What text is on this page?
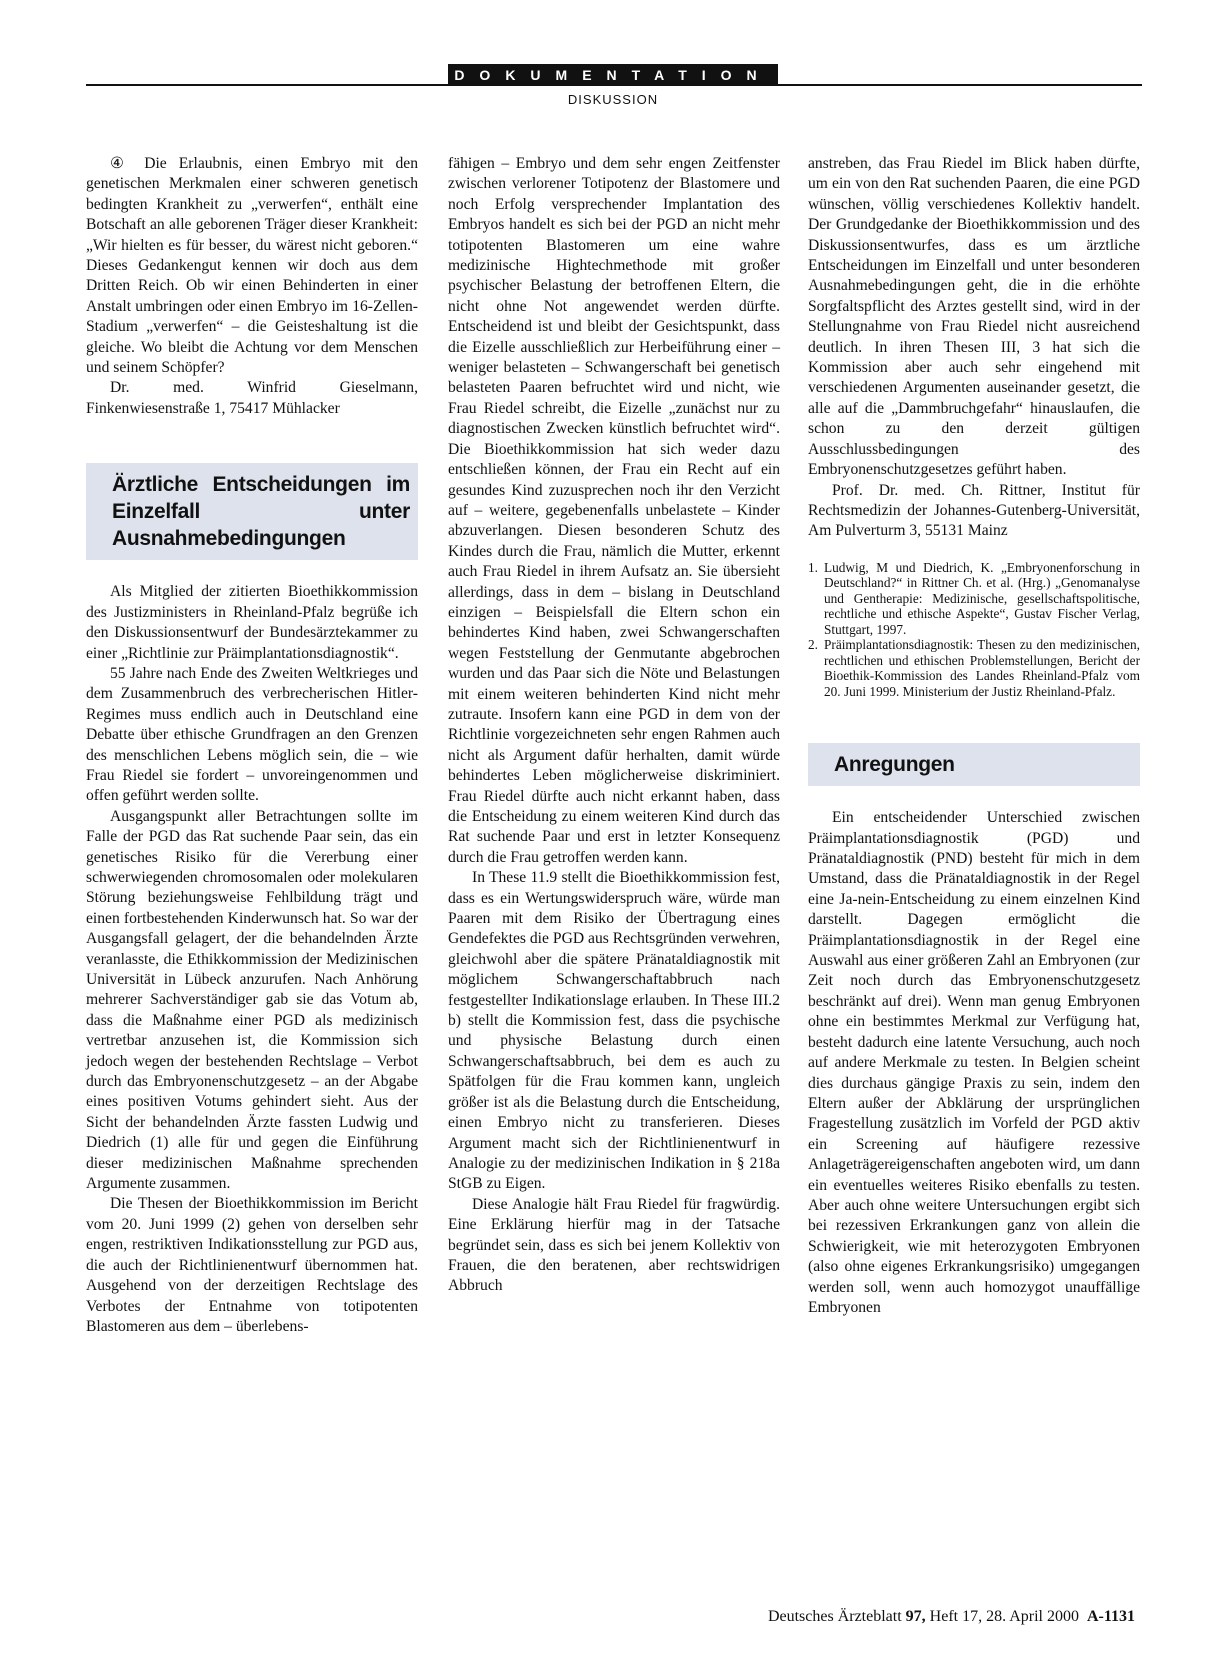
DOKUMENTATION
DISKUSSION

④ Die Erlaubnis, einen Embryo mit den genetischen Merkmalen einer schweren genetisch bedingten Krankheit zu „verwerfen“, enthält eine Botschaft an alle geborenen Träger dieser Krankheit: „Wir hielten es für besser, du wärest nicht geboren.“ Dieses Gedankengut kennen wir doch aus dem Dritten Reich. Ob wir einen Behinderten in einer Anstalt umbringen oder einen Embryo im 16-Zellen-Stadium „verwerfen“ – die Geisteshaltung ist die gleiche. Wo bleibt die Achtung vor dem Menschen und seinem Schöpfer?

Dr. med. Winfrid Gieselmann, Finkenwiesenstraße 1, 75417 Mühlacker

Ärztliche Entscheidungen im Einzelfall unter Ausnahmebedingungen

Als Mitglied der zitierten Bioethikkommission des Justizministers in Rheinland-Pfalz begrüße ich den Diskussionsentwurf der Bundesärztekammer zu einer „Richtlinie zur Präimplantationsdiagnostik“.

55 Jahre nach Ende des Zweiten Weltkrieges und dem Zusammenbruch des verbrecherischen Hitler-Regimes muss endlich auch in Deutschland eine Debatte über ethische Grundfragen an den Grenzen des menschlichen Lebens möglich sein, die – wie Frau Riedel sie fordert – unvoreingenommen und offen geführt werden sollte.

Ausgangspunkt aller Betrachtungen sollte im Falle der PGD das Rat suchende Paar sein, das ein genetisches Risiko für die Vererbung einer schwerwiegenden chromosomalen oder molekularen Störung beziehungsweise Fehlbildung trägt und einen fortbestehenden Kinderwunsch hat. So war der Ausgangsfall gelagert, der die behandelnden Ärzte veranlasste, die Ethikkommission der Medizinischen Universität in Lübeck anzurufen. Nach Anhörung mehrerer Sachverständiger gab sie das Votum ab, dass die Maßnahme einer PGD als medizinisch vertretbar anzusehen ist, die Kommission sich jedoch wegen der bestehenden Rechtslage – Verbot durch das Embryonenschutzgesetz – an der Abgabe eines positiven Votums gehindert sieht. Aus der Sicht der behandelnden Ärzte fassten Ludwig und Diedrich (1) alle für und gegen die Einführung dieser medizinischen Maßnahme sprechenden Argumente zusammen.

Die Thesen der Bioethikkommission im Bericht vom 20. Juni 1999 (2) gehen von derselben sehr engen, restriktiven Indikationsstellung zur PGD aus, die auch der Richtlinienentwurf übernommen hat. Ausgehend von der derzeitigen Rechtslage des Verbotes der Entnahme von totipotenten Blastomeren aus dem – überlebens-

fähigen – Embryo und dem sehr engen Zeitfenster zwischen verlorener Totipotenz der Blastomere und noch Erfolg versprechender Implantation des Embryos handelt es sich bei der PGD an nicht mehr totipotenten Blastomeren um eine wahre medizinische Hightechmethode mit großer psychischer Belastung der betroffenen Eltern, die nicht ohne Not angewendet werden dürfte. Entscheidend ist und bleibt der Gesichtspunkt, dass die Eizelle ausschließlich zur Herbeiführung einer – weniger belasteten – Schwangerschaft bei genetisch belasteten Paaren befruchtet wird und nicht, wie Frau Riedel schreibt, die Eizelle „zunächst nur zu diagnostischen Zwecken künstlich befruchtet wird“. Die Bioethikkommission hat sich weder dazu entschließen können, der Frau ein Recht auf ein gesundes Kind zuzusprechen noch ihr den Verzicht auf – weitere, gegebenenfalls unbelastete – Kinder abzuverlangen. Diesen besonderen Schutz des Kindes durch die Frau, nämlich die Mutter, erkennt auch Frau Riedel in ihrem Aufsatz an. Sie übersieht allerdings, dass in dem – bislang in Deutschland einzigen – Beispielsfall die Eltern schon ein behindertes Kind haben, zwei Schwangerschaften wegen Feststellung der Genmutante abgebrochen wurden und das Paar sich die Nöte und Belastungen mit einem weiteren behinderten Kind nicht mehr zutraute. Insofern kann eine PGD in dem von der Richtlinie vorgezeichneten sehr engen Rahmen auch nicht als Argument dafür herhalten, damit würde behindertes Leben möglicherweise diskriminiert. Frau Riedel dürfte auch nicht erkannt haben, dass die Entscheidung zu einem weiteren Kind durch das Rat suchende Paar und erst in letzter Konsequenz durch die Frau getroffen werden kann.

In These 11.9 stellt die Bioethikkommission fest, dass es ein Wertungswiderspruch wäre, würde man Paaren mit dem Risiko der Übertragung eines Gendefektes die PGD aus Rechtsgründen verwehren, gleichwohl aber die spätere Pränataldiagnostik mit möglichem Schwangerschaftabbruch nach festgestellter Indikationslage erlauben. In These III.2 b) stellt die Kommission fest, dass die psychische und physische Belastung durch einen Schwangerschaftsabbruch, bei dem es auch zu Spätfolgen für die Frau kommen kann, ungleich größer ist als die Belastung durch die Entscheidung, einen Embryo nicht zu transferieren. Dieses Argument macht sich der Richtlinienentwurf in Analogie zu der medizinischen Indikation in § 218a StGB zu Eigen.

Diese Analogie hält Frau Riedel für fragwürdig. Eine Erklärung hierfür mag in der Tatsache begründet sein, dass es sich bei jenem Kollektiv von Frauen, die den beratenen, aber rechtswidrigen Abbruch

anstreben, das Frau Riedel im Blick haben dürfte, um ein von den Rat suchenden Paaren, die eine PGD wünschen, völlig verschiedenes Kollektiv handelt. Der Grundgedanke der Bioethikkommission und des Diskussionsentwurfes, dass es um ärztliche Entscheidungen im Einzelfall und unter besonderen Ausnahmebedingungen geht, die in die erhöhte Sorgfaltspflicht des Arztes gestellt sind, wird in der Stellungnahme von Frau Riedel nicht ausreichend deutlich. In ihren Thesen III, 3 hat sich die Kommission aber auch sehr eingehend mit verschiedenen Argumenten auseinander gesetzt, die alle auf die „Dammbruchgefahr“ hinauslaufen, die schon zu den derzeit gültigen Ausschlussbedingungen des Embryonenschutzgesetzes geführt haben.

Prof. Dr. med. Ch. Rittner, Institut für Rechtsmedizin der Johannes-Gutenberg-Universität, Am Pulverturm 3, 55131 Mainz

1. Ludwig, M und Diedrich, K. „Embryonenforschung in Deutschland?“ in Rittner Ch. et al. (Hrg.) „Genomanalyse und Gentherapie: Medizinische, gesellschaftspolitische, rechtliche und ethische Aspekte“, Gustav Fischer Verlag, Stuttgart, 1997.
2. Präimplantationsdiagnostik: Thesen zu den medizinischen, rechtlichen und ethischen Problemstellungen, Bericht der Bioethik-Kommission des Landes Rheinland-Pfalz vom 20. Juni 1999. Ministerium der Justiz Rheinland-Pfalz.
Anregungen

Ein entscheidender Unterschied zwischen Präimplantationsdiagnostik (PGD) und Pränataldiagnostik (PND) besteht für mich in dem Umstand, dass die Pränataldiagnostik in der Regel eine Ja-nein-Entscheidung zu einem einzelnen Kind darstellt. Dagegen ermöglicht die Präimplantationsdiagnostik in der Regel eine Auswahl aus einer größeren Zahl an Embryonen (zur Zeit noch durch das Embryonenschutzgesetz beschränkt auf drei). Wenn man genug Embryonen ohne ein bestimmtes Merkmal zur Verfügung hat, besteht dadurch eine latente Versuchung, auch noch auf andere Merkmale zu testen. In Belgien scheint dies durchaus gängige Praxis zu sein, indem den Eltern außer der Abklärung der ursprünglichen Fragestellung zusätzlich im Vorfeld der PGD aktiv ein Screening auf häufigere rezessive Anlageträgereigenschaften angeboten wird, um dann ein eventuelles weiteres Risiko ebenfalls zu testen. Aber auch ohne weitere Untersuchungen ergibt sich bei rezessiven Erkrankungen ganz von allein die Schwierigkeit, wie mit heterozygoten Embryonen (also ohne eigenes Erkrankungsrisiko) umgegangen werden soll, wenn auch homozygot unauffällige Embryonen

Deutsches Ärzteblatt 97, Heft 17, 28. April 2000 A-1131
